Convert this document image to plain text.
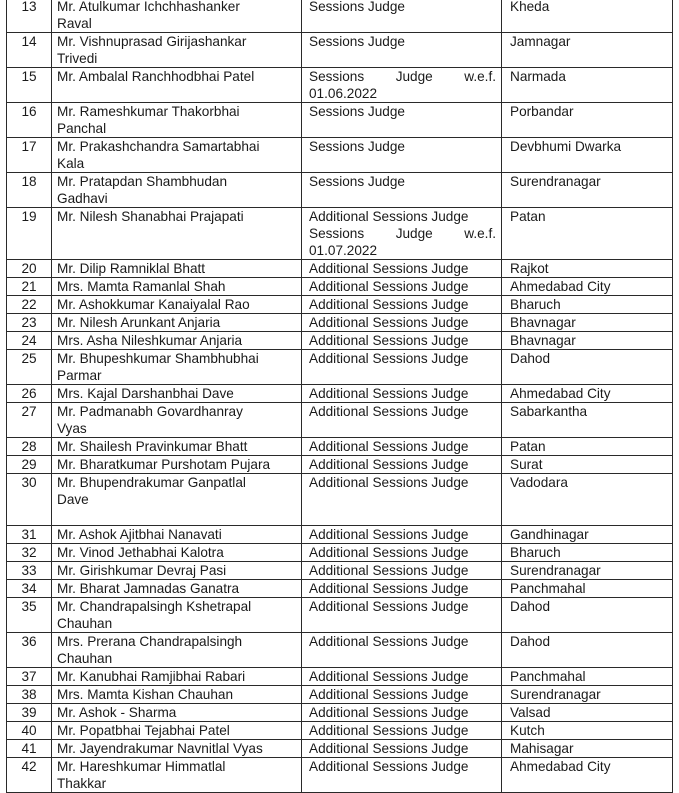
13	Mr. Atulkumar Ichchhashanker
Raval	Sessions Judge	Kheda
14	Mr. Vishnuprasad Girijashankar
Trivedi	Sessions Judge	Jamnagar
15	Mr. Ambalal Ranchhodbhai Patel	Sessions Judge w.e.f.
01.06.2022	Narmada
16	Mr. Rameshkumar Thakorbhai
Panchal	Sessions Judge	Porbandar
17	Mr. Prakashchandra Samartabhai
Kala	Sessions Judge	Devbhumi Dwarka
18	Mr. Pratapdan Shambhudan
Gadhavi	Sessions Judge	Surendranagar
19	Mr. Nilesh Shanabhai Prajapati	Additional Sessions Judge
Sessions Judge w.e.f.
01.07.2022	Patan
20	Mr. Dilip Ramniklal Bhatt	Additional Sessions Judge	Rajkot
21	Mrs. Mamta Ramanlal Shah	Additional Sessions Judge	Ahmedabad City
22	Mr. Ashokkumar Kanaiyalal Rao	Additional Sessions Judge	Bharuch
23	Mr. Nilesh Arunkant Anjaria	Additional Sessions Judge	Bhavnagar
24	Mrs. Asha Nileshkumar Anjaria	Additional Sessions Judge	Bhavnagar
25	Mr. Bhupeshkumar Shambhubhai
Parmar	Additional Sessions Judge	Dahod
26	Mrs. Kajal Darshanbhai Dave	Additional Sessions Judge	Ahmedabad City
27	Mr. Padmanabh Govardhanray
Vyas	Additional Sessions Judge	Sabarkantha
28	Mr. Shailesh Pravinkumar Bhatt	Additional Sessions Judge	Patan
29	Mr. Bharatkumar Purshotam Pujara	Additional Sessions Judge	Surat
30	Mr. Bhupendrakumar Ganpatlal
Dave	Additional Sessions Judge	Vadodara
31	Mr. Ashok Ajitbhai Nanavati	Additional Sessions Judge	Gandhinagar
32	Mr. Vinod Jethabhai Kalotra	Additional Sessions Judge	Bharuch
33	Mr. Girishkumar Devraj Pasi	Additional Sessions Judge	Surendranagar
34	Mr. Bharat Jamnadas Ganatra	Additional Sessions Judge	Panchmahal
35	Mr. Chandrapalsingh Kshetrapal
Chauhan	Additional Sessions Judge	Dahod
36	Mrs. Prerana Chandrapalsingh
Chauhan	Additional Sessions Judge	Dahod
37	Mr. Kanubhai Ramjibhai Rabari	Additional Sessions Judge	Panchmahal
38	Mrs. Mamta Kishan Chauhan	Additional Sessions Judge	Surendranagar
39	Mr. Ashok - Sharma	Additional Sessions Judge	Valsad
40	Mr. Popatbhai Tejabhai Patel	Additional Sessions Judge	Kutch
41	Mr. Jayendrakumar Navnitlal Vyas	Additional Sessions Judge	Mahisagar
42	Mr. Hareshkumar Himmatlal
Thakkar	Additional Sessions Judge	Ahmedabad City
